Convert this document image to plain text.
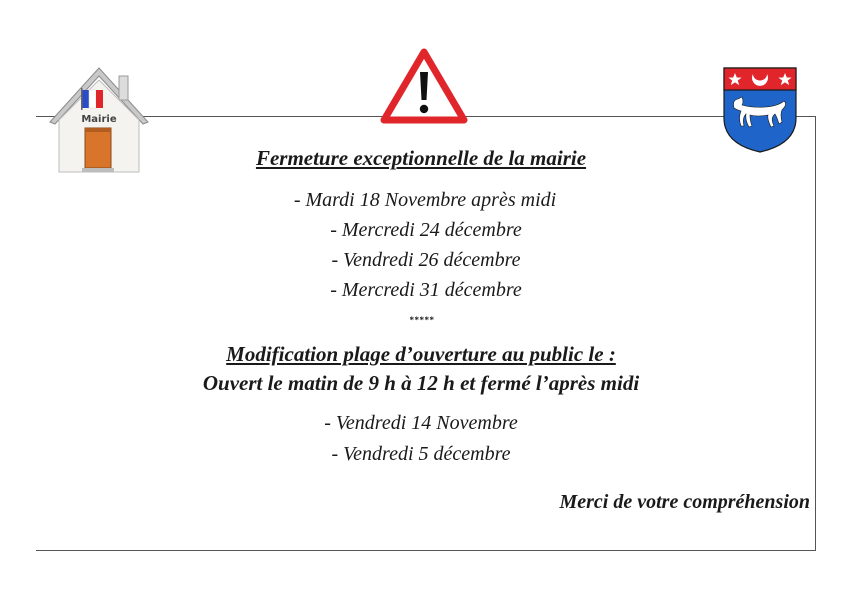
Mairie
Fermeture exceptionnelle de la mairie
- Mardi 18 Novembre après midi
- Mercredi 24 décembre
- Vendredi 26 décembre
- Mercredi 31 décembre
*****
Modification plage d’ouverture au public le :
Ouvert le matin de 9 h à 12 h et fermé l’après midi
- Vendredi 14 Novembre
- Vendredi 5 décembre
Merci de votre compréhension
